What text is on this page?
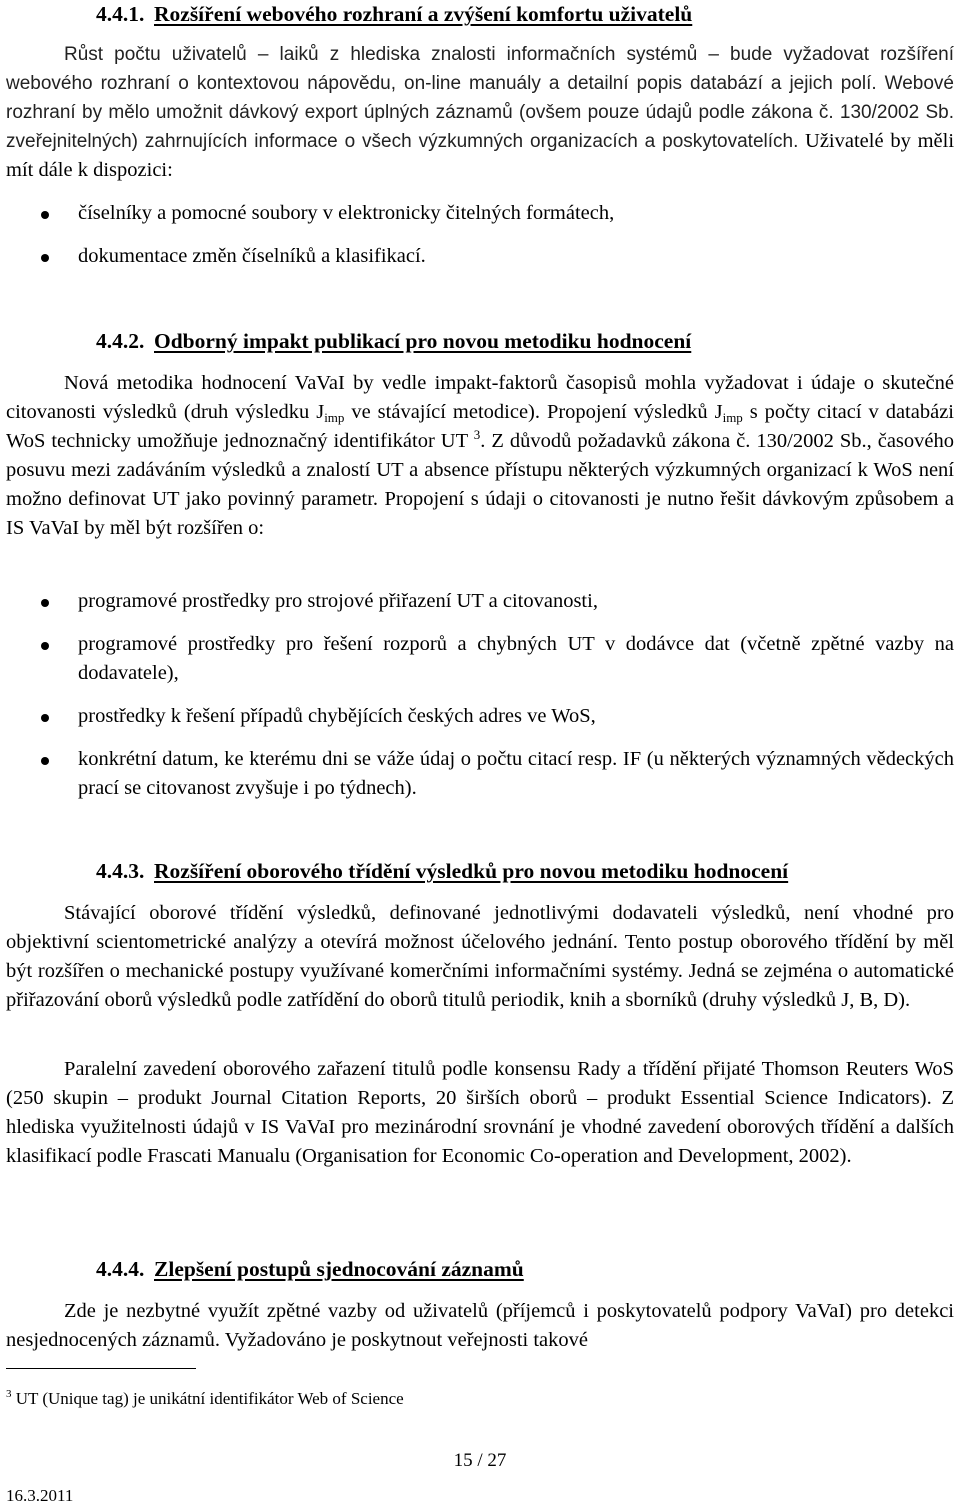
4.4.1. Rozšíření webového rozhraní a zvýšení komfortu uživatelů

Růst počtu uživatelů – laiků z hlediska znalosti informačních systémů – bude vyžadovat rozšíření webového rozhraní o kontextovou nápovědu, on-line manuály a detailní popis databází a jejich polí. Webové rozhraní by mělo umožnit dávkový export úplných záznamů (ovšem pouze údajů podle zákona č. 130/2002 Sb. zveřejnitelných) zahrnujících informace o všech výzkumných organizacích a poskytovatelích. Uživatelé by měli mít dále k dispozici:

číselníky a pomocné soubory v elektronicky čitelných formátech,
dokumentace změn číselníků a klasifikací.
4.4.2. Odborný impakt publikací pro novou metodiku hodnocení

Nová metodika hodnocení VaVaI by vedle impakt-faktorů časopisů mohla vyžadovat i údaje o skutečné citovanosti výsledků (druh výsledku $J_{imp}$ ve stávající metodice). Propojení výsledků $J_{imp}$ s počty citací v databázi WoS technicky umožňuje jednoznačný identifikátor UT $^3$. Z důvodů požadavků zákona č. 130/2002 Sb., časového posuvu mezi zadáváním výsledků a znalostí UT a absence přístupu některých výzkumných organizací k WoS není možno definovat UT jako povinný parametr. Propojení s údaji o citovanosti je nutno řešit dávkovým způsobem a IS VaVaI by měl být rozšířen o:

programové prostředky pro strojové přiřazení UT a citovanosti,
programové prostředky pro řešení rozporů a chybných UT v dodávce dat (včetně zpětné vazby na dodavatele),
prostředky k řešení případů chybějících českých adres ve WoS,
konkrétní datum, ke kterému dni se váže údaj o počtu citací resp. IF (u některých významných vědeckých prací se citovanost zvyšuje i po týdnech).
4.4.3. Rozšíření oborového třídění výsledků pro novou metodiku hodnocení

Stávající oborové třídění výsledků, definované jednotlivými dodavateli výsledků, není vhodné pro objektivní scientometrické analýzy a otevírá možnost účelového jednání. Tento postup oborového třídění by měl být rozšířen o mechanické postupy využívané komerčními informačními systémy. Jedná se zejména o automatické přiřazování oborů výsledků podle zatřídění do oborů titulů periodik, knih a sborníků (druhy výsledků J, B, D).

Paralelní zavedení oborového zařazení titulů podle konsensu Rady a třídění přijaté Thomson Reuters WoS (250 skupin – produkt Journal Citation Reports, 20 širších oborů – produkt Essential Science Indicators). Z hlediska využitelnosti údajů v IS VaVaI pro mezinárodní srovnání je vhodné zavedení oborových třídění a dalších klasifikací podle Frascati Manualu (Organisation for Economic Co-operation and Development, 2002).

4.4.4. Zlepšení postupů sjednocování záznamů

Zde je nezbytné využít zpětné vazby od uživatelů (příjemců i poskytovatelů podpory VaVaI) pro detekci nesjednocených záznamů. Vyžadováno je poskytnout veřejnosti takové

$^3$ UT (Unique tag) je unikátní identifikátor Web of Science
15 / 27
16.3.2011
